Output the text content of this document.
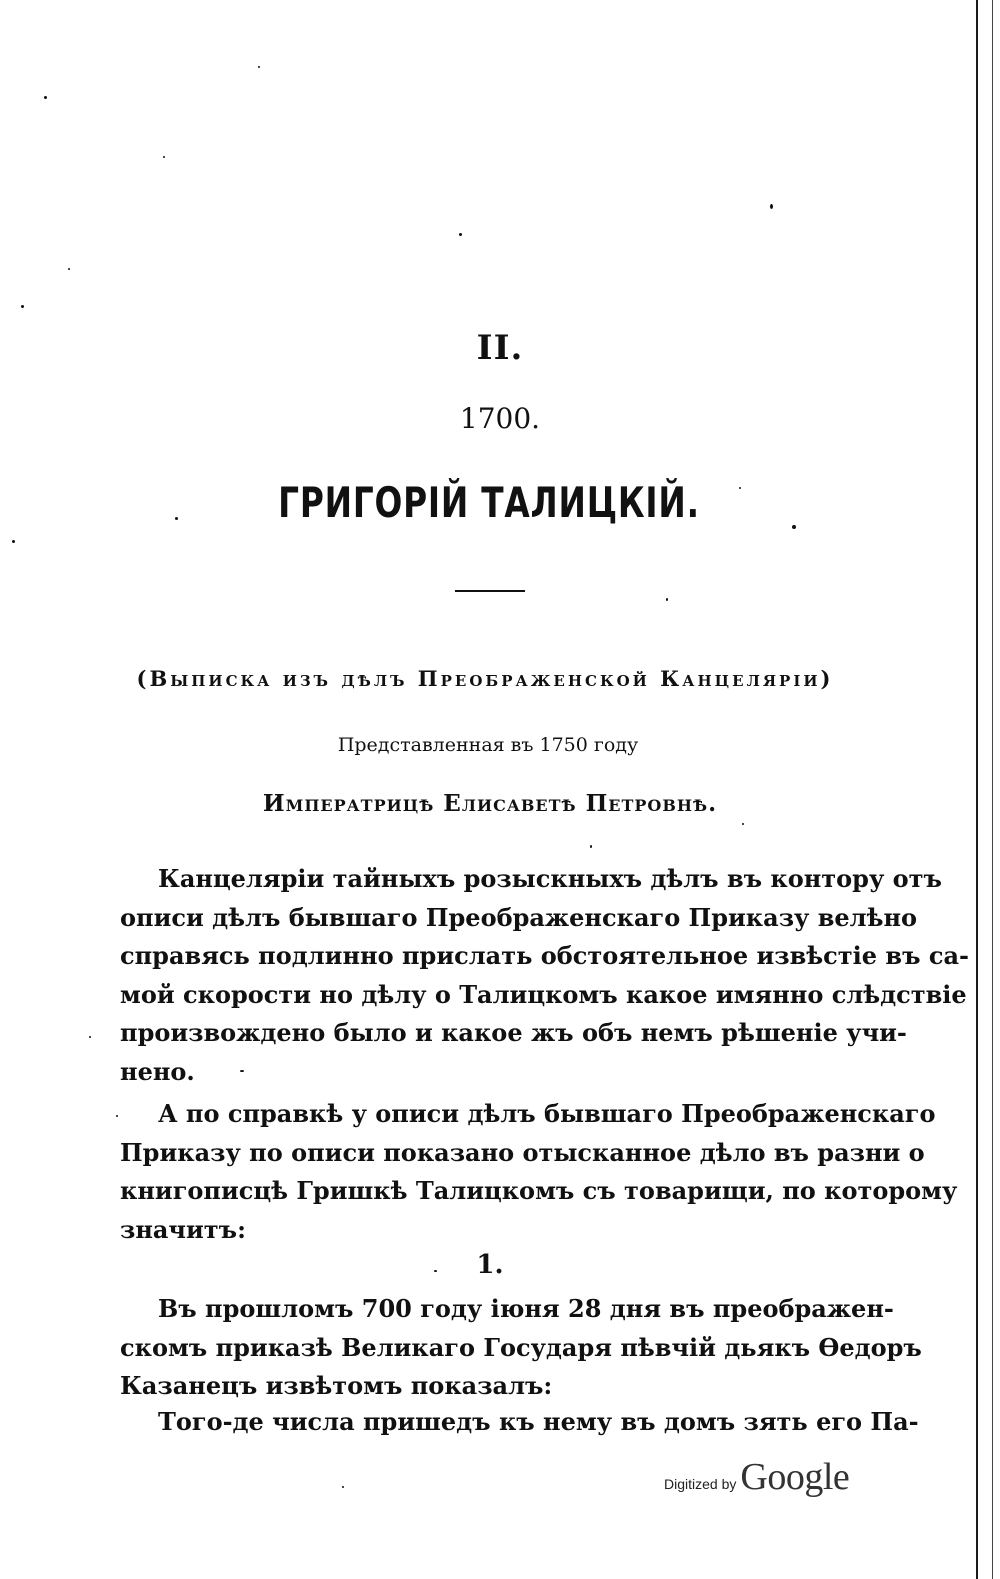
II.
1700.
ГРИГОРІЙ ТАЛИЦКІЙ.
(Выписка изъ дѣлъ Преображенской Канцеляріи)
Представленная въ 1750 году
Императрицѣ Елисаветѣ Петровнѣ.
Канцеляріи тайныхъ розыскныхъ дѣлъ въ контору отъ
описи дѣлъ бывшаго Преображенскаго Приказу велѣно
справясь подлинно прислать обстоятельное извѣстіе въ са-
мой скорости но дѣлу о Талицкомъ какое имянно слѣдствіе
произвождено было и какое жъ объ немъ рѣшеніе учи-
нено.
А по справкѣ у описи дѣлъ бывшаго Преображенскаго
Приказу по описи показано отысканное дѣло въ разни о
книгописцѣ Гришкѣ Талицкомъ съ товарищи, по которому
значитъ:
1.
Въ прошломъ 700 году іюня 28 дня въ преображен-
скомъ приказѣ Великаго Государя пѣвчій дьякъ Ѳедоръ
Казанецъ извѣтомъ показалъ:
Того-де числа пришедъ къ нему въ домъ зять его Па-
Digitized by Google
